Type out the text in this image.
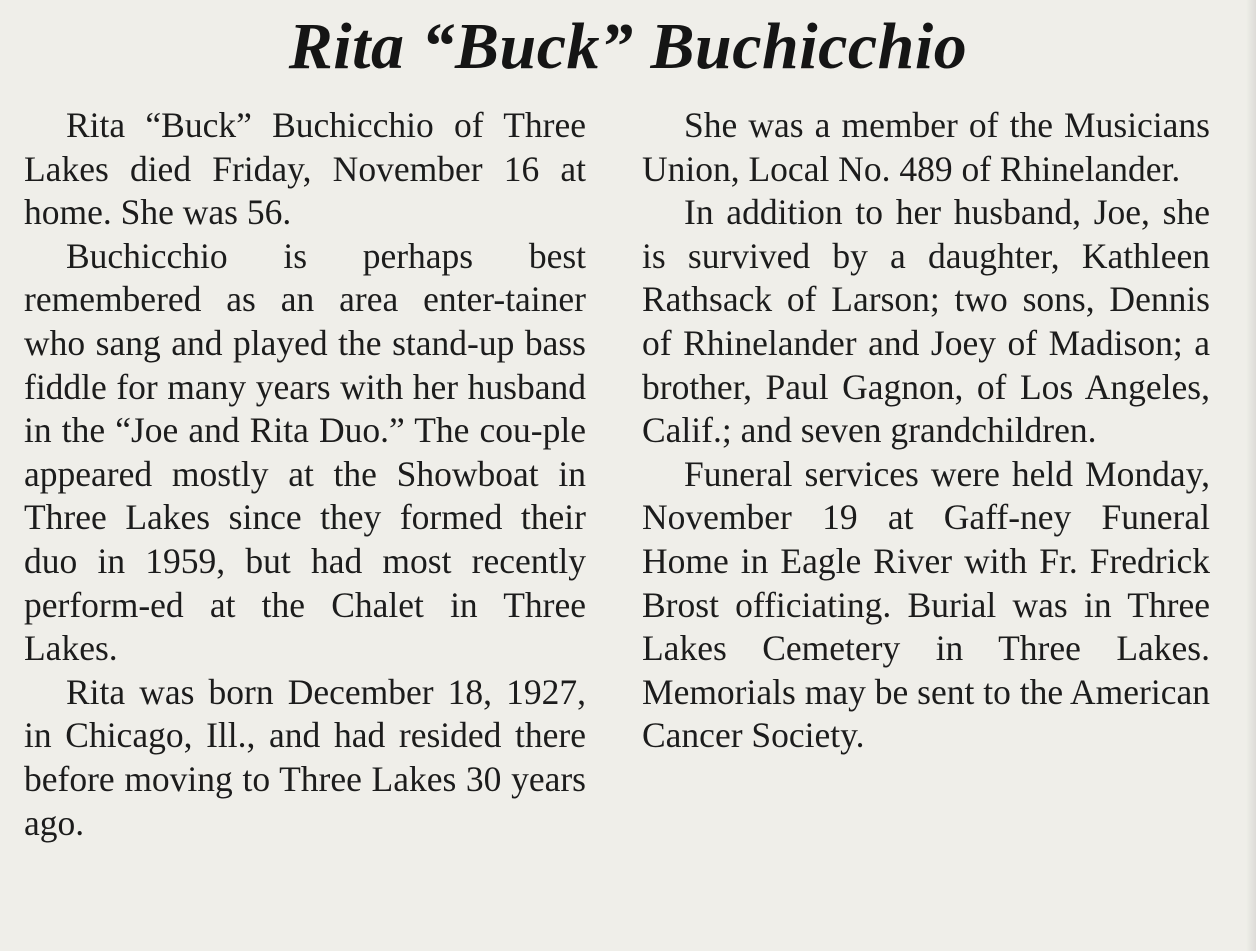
Rita “Buck” Buchicchio

Rita “Buck” Buchicchio of Three Lakes died Friday, November 16 at home. She was 56.

Buchicchio is perhaps best remembered as an area enter-tainer who sang and played the stand-up bass fiddle for many years with her husband in the “Joe and Rita Duo.” The cou-ple appeared mostly at the Showboat in Three Lakes since they formed their duo in 1959, but had most recently perform-ed at the Chalet in Three Lakes.

Rita was born December 18, 1927, in Chicago, Ill., and had resided there before moving to Three Lakes 30 years ago.

She was a member of the Musicians Union, Local No. 489 of Rhinelander.

In addition to her husband, Joe, she is survived by a daughter, Kathleen Rathsack of Larson; two sons, Dennis of Rhinelander and Joey of Madison; a brother, Paul Gagnon, of Los Angeles, Calif.; and seven grandchildren.

Funeral services were held Monday, November 19 at Gaff-ney Funeral Home in Eagle River with Fr. Fredrick Brost officiating. Burial was in Three Lakes Cemetery in Three Lakes. Memorials may be sent to the American Cancer Society.
